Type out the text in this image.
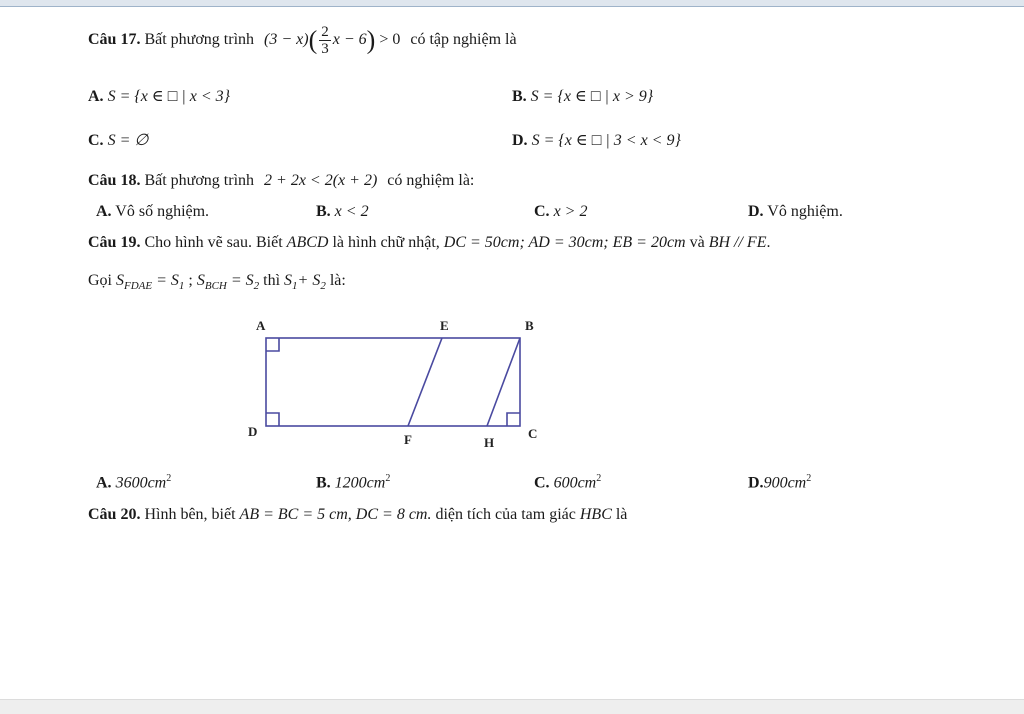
Câu 17. Bất phương trình $(3 - x)( \frac{2}{3}$ x − 6) > 0 có tập nghiệm là
A. S = {x ∈ □ | x < 3}	B. S = {x ∈ □ | x > 9}
C. S = ∅	D. S = {x ∈ □ | 3 < x < 9}
Câu 18. Bất phương trình 2 + 2x < 2(x + 2) có nghiệm là:
A. Vô số nghiệm.	B. x < 2	C. x > 2	D. Vô nghiệm.
Câu 19. Cho hình vẽ sau. Biết ABCD là hình chữ nhật, DC = 50cm; AD = 30cm; EB = 20cm và BH // FE.
Gọi $S_{FDAE} = S_1$ ; $S_{BCH} = S_2$ thì $S_1+ S_2$ là:
A	E	B
D
F	H
C
A. $3600cm^2$	B. $1200cm^2$	C. $600cm^2$	$D.900cm^2$
Câu 20. Hình bên, biết AB = BC = 5 cm, DC = 8 cm. diện tích của tam giác HBC là
